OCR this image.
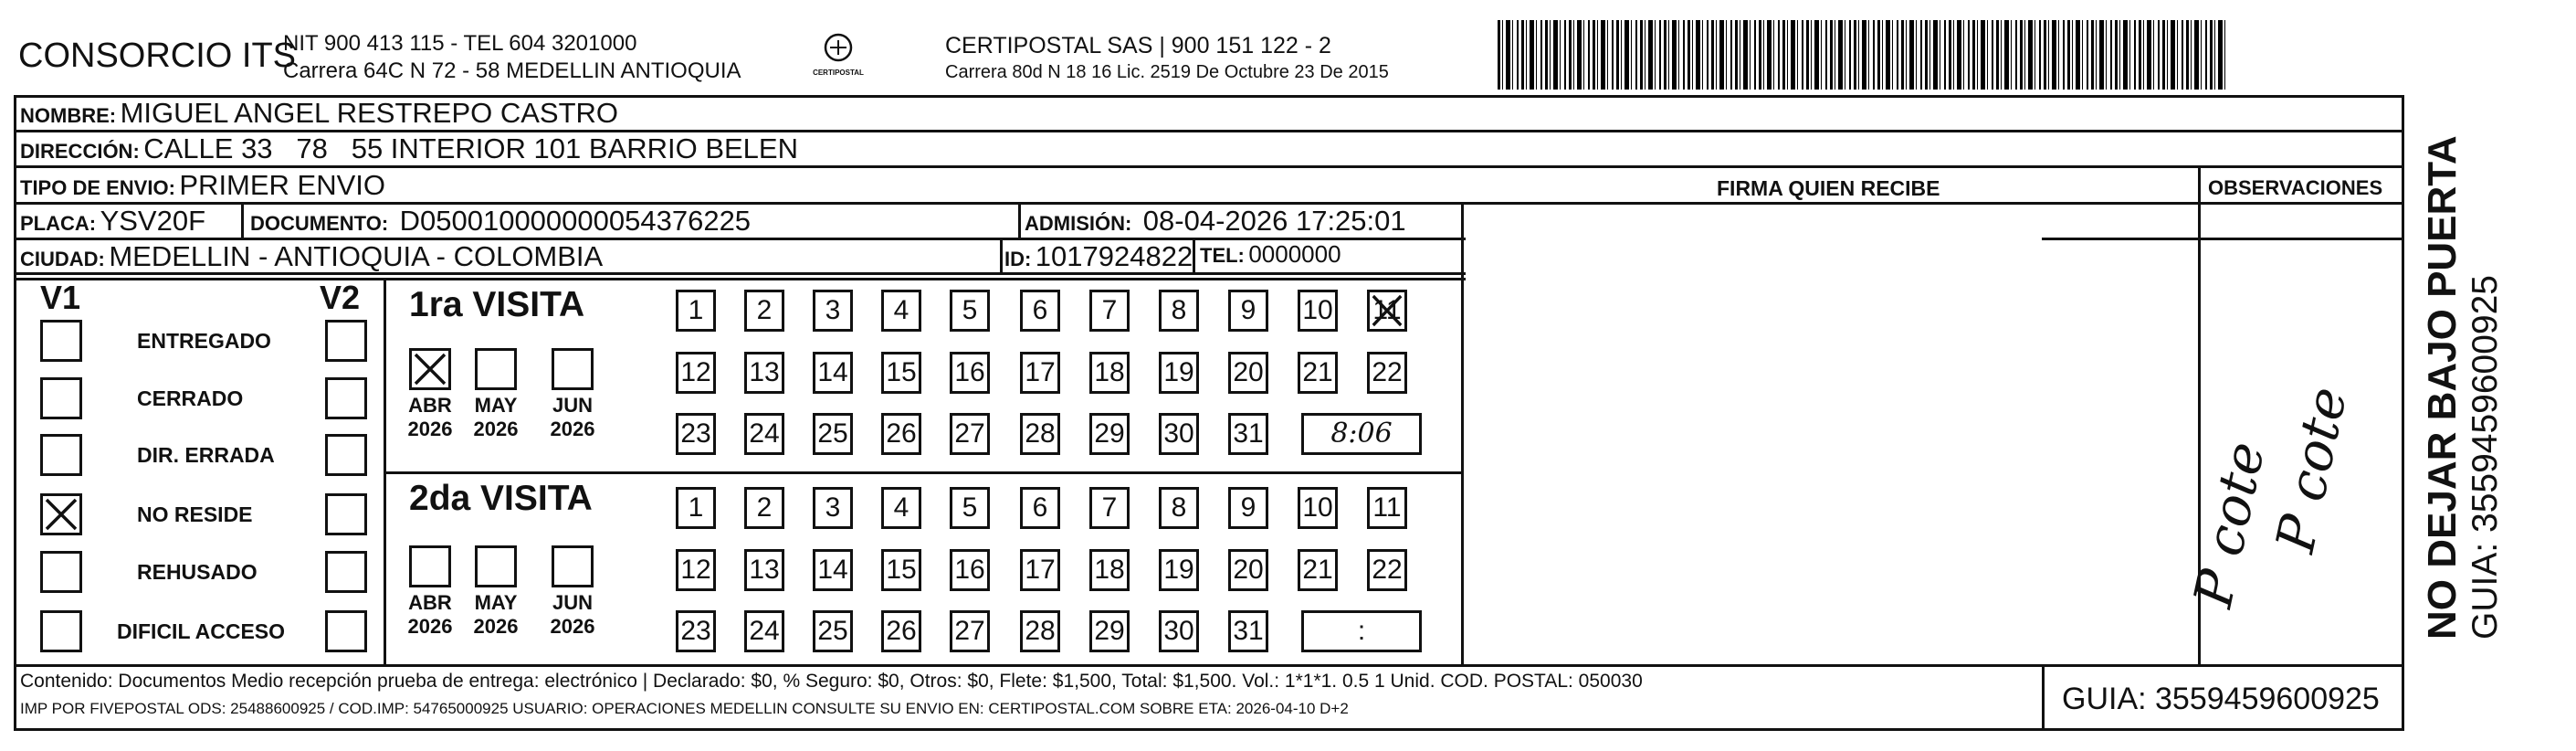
CONSORCIO ITS
NIT 900 413 115 - TEL 604 3201000
Carrera 64C N 72 - 58 MEDELLIN ANTIOQUIA	CERTIPOSTAL
CERTIPOSTAL SAS | 900 151 122 - 2
Carrera 80d N 18 16 Lic. 2519 De Octubre 23 De 2015
NOMBRE: MIGUEL ANGEL RESTREPO CASTRO
DIRECCIÓN: CALLE 33   78   55 INTERIOR 101 BARRIO BELEN
TIPO DE ENVIO: PRIMER ENVIO	FIRMA QUIEN RECIBE	OBSERVACIONES
PLACA: YSV20F DOCUMENTO: D050010000000054376225	ADMISIÓN: 08-04-2026 17:25:01
CIUDAD: MEDELLIN - ANTIOQUIA - COLOMBIA	ID: 1017924822 TEL: 0000000
V1	V2
ENTREGADO
CERRADO
DIR. ERRADA
NO RESIDE
REHUSADO
DIFICIL ACCESO
1ra VISITA
2da VISITA
ABR
2026
MAY
2026
JUN
2026
1	2	3	4	5	6	7	8	9	10 11
12 13 14 15 16 17 18 19 20 21 22
23 24 25 26 27 28 29 30 31	8:06
ABR
2026
MAY
2026
JUN
2026
1	2	3	4	5	6	7	8	9	10 11
12 13 14 15 16 17 18 19 20 21 22
23 24 25 26 27 28 29 30 31	:
P cote
P cote NO DEJAR BAJO PUERTA GUIA: 3559459600925
Contenido: Documentos Medio recepción prueba de entrega: electrónico | Declarado: $0, % Seguro: $0, Otros: $0, Flete: $1,500, Total: $1,500. Vol.: 1*1*1. 0.5 1 Unid. COD. POSTAL: 050030
IMP POR FIVEPOSTAL ODS: 25488600925 / COD.IMP: 54765000925 USUARIO: OPERACIONES MEDELLIN CONSULTE SU ENVIO EN: CERTIPOSTAL.COM SOBRE ETA: 2026-04-10 D+2	GUIA: 3559459600925
